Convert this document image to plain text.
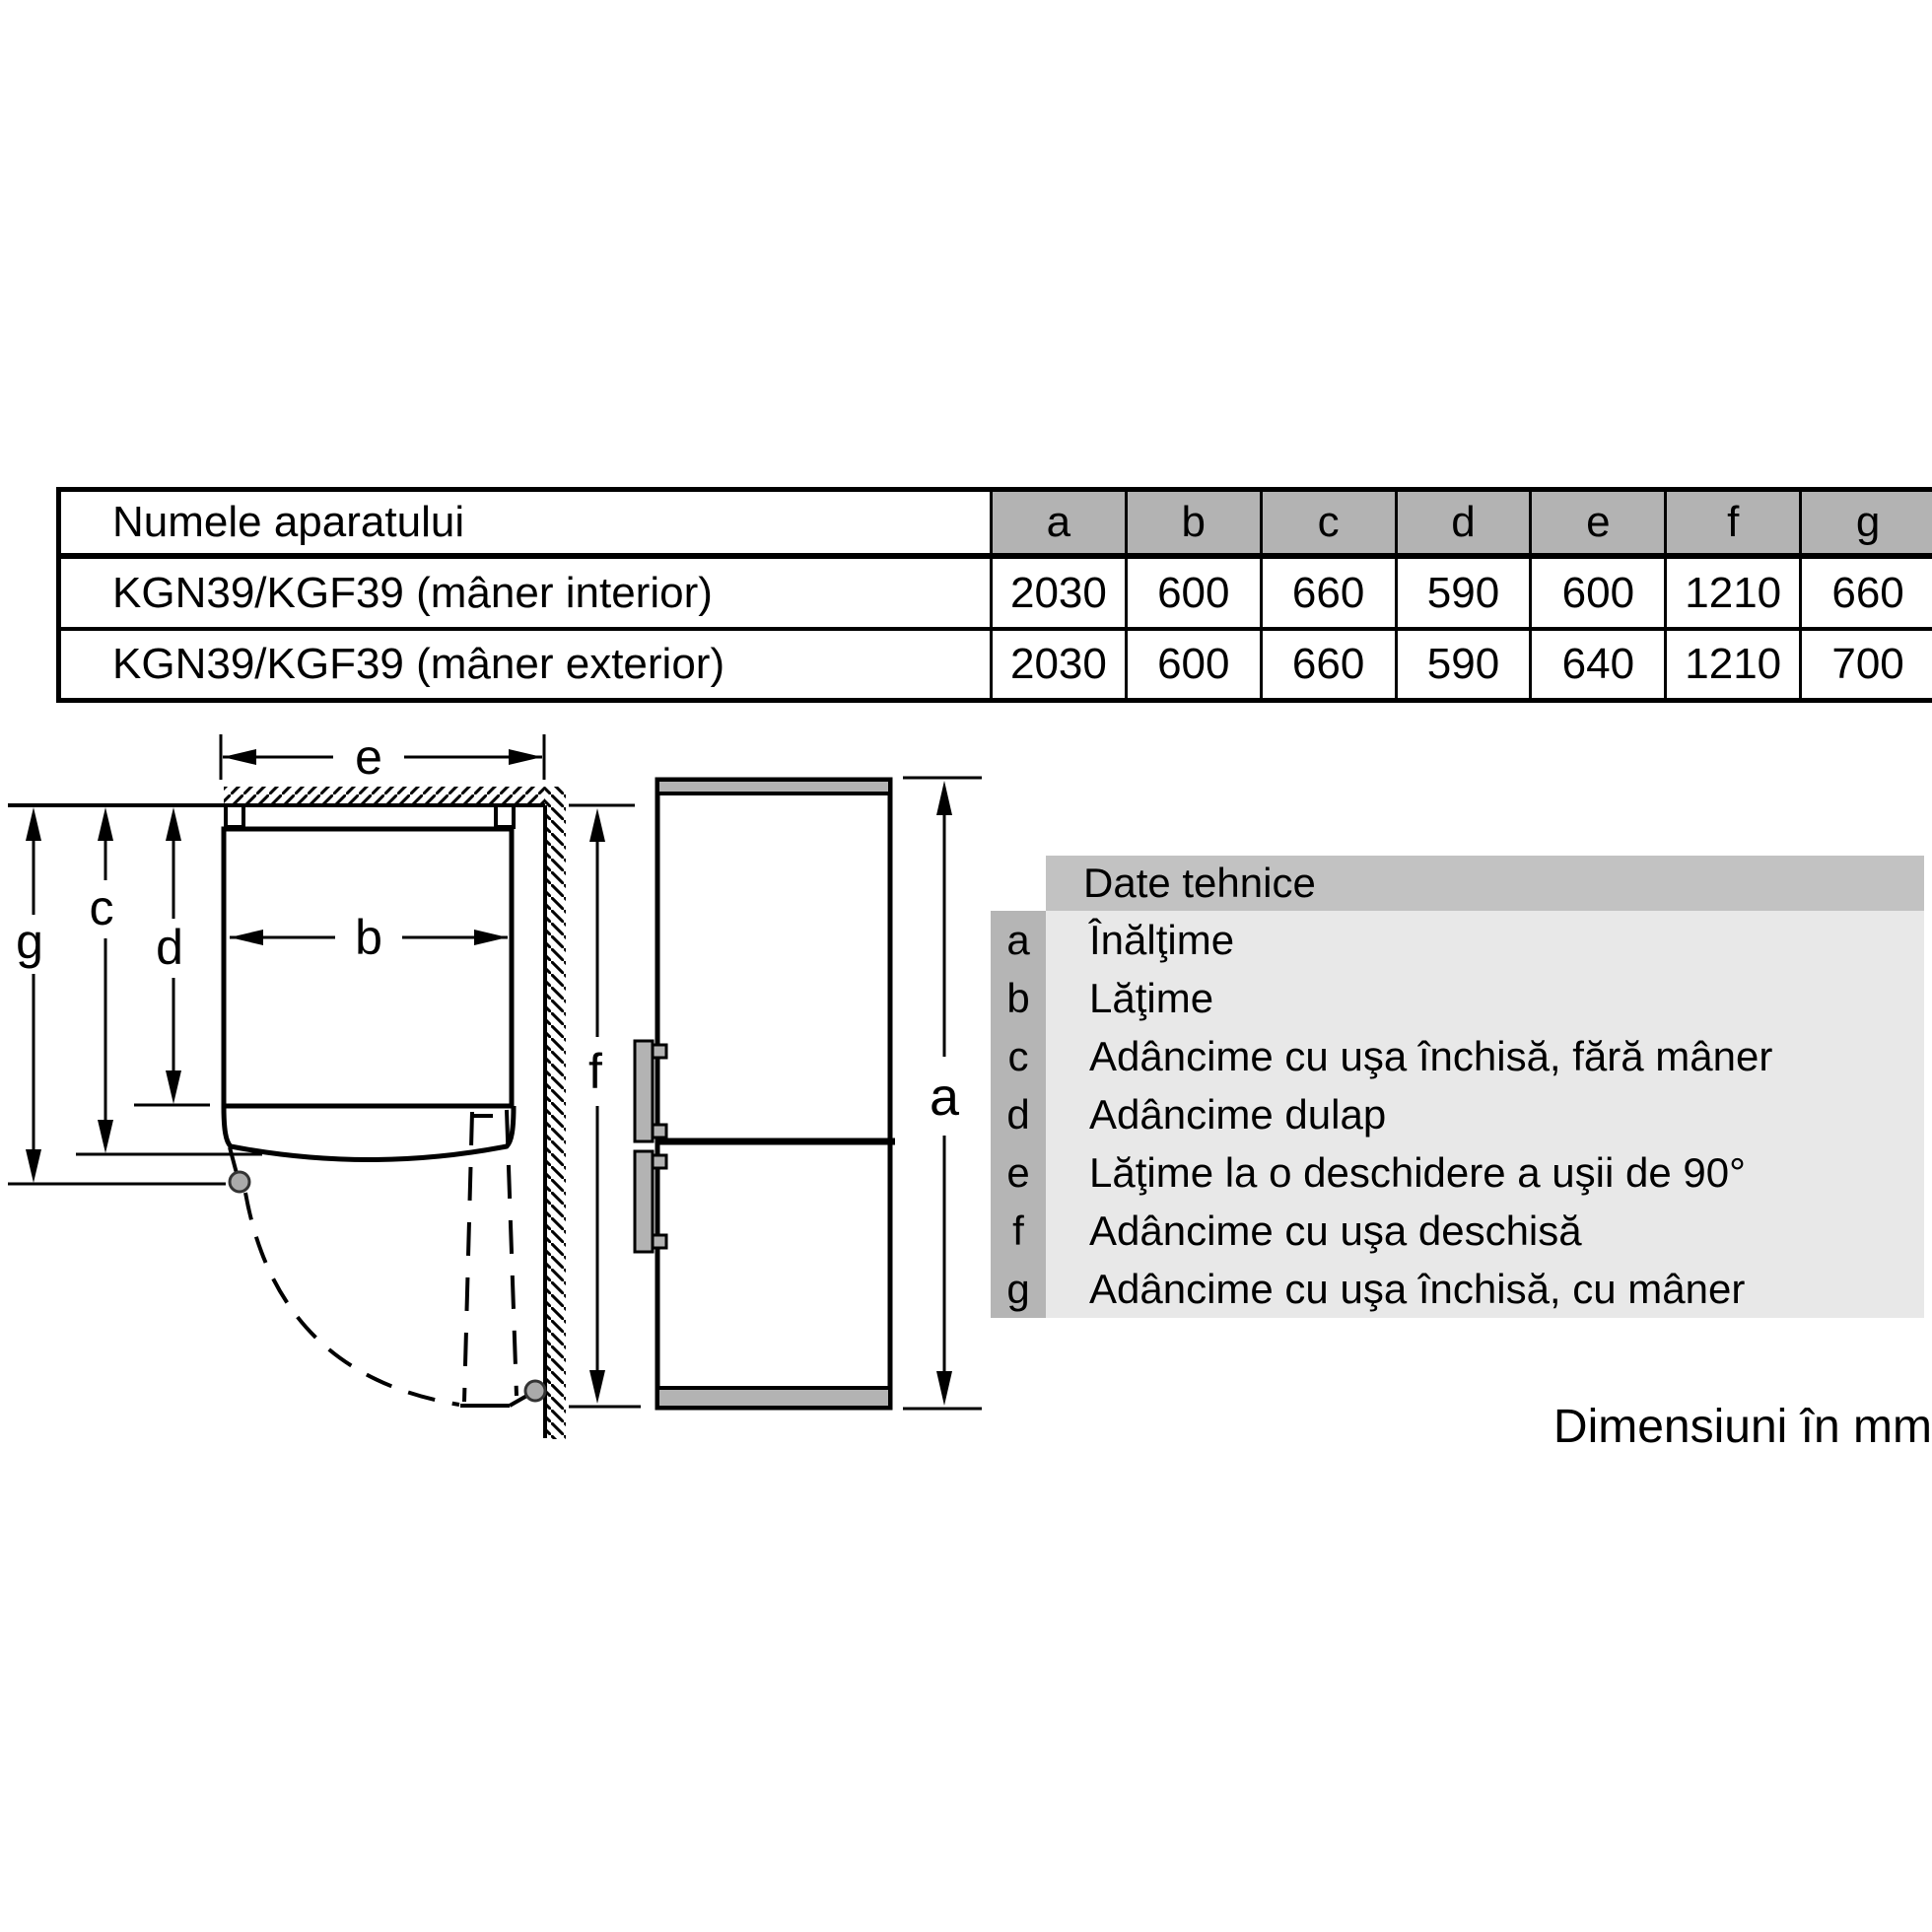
Numele aparatului	a	b	c	d	e	f	g
KGN39/KGF39 (mâner interior)	2030	600	660	590	600	1210	660
KGN39/KGF39 (mâner exterior)	2030	600	660	590	640	1210	700
Date tehnice
a	Înălţime
b	Lăţime
c	Adâncime cu uşa închisă, fără mâner
d	Adâncime dulap
e	Lăţime la o deschidere a uşii de 90°
f	Adâncime cu uşa deschisă
g	Adâncime cu uşa închisă, cu mâner
Dimensiuni în mm
e
b
g
c
d
f	a
